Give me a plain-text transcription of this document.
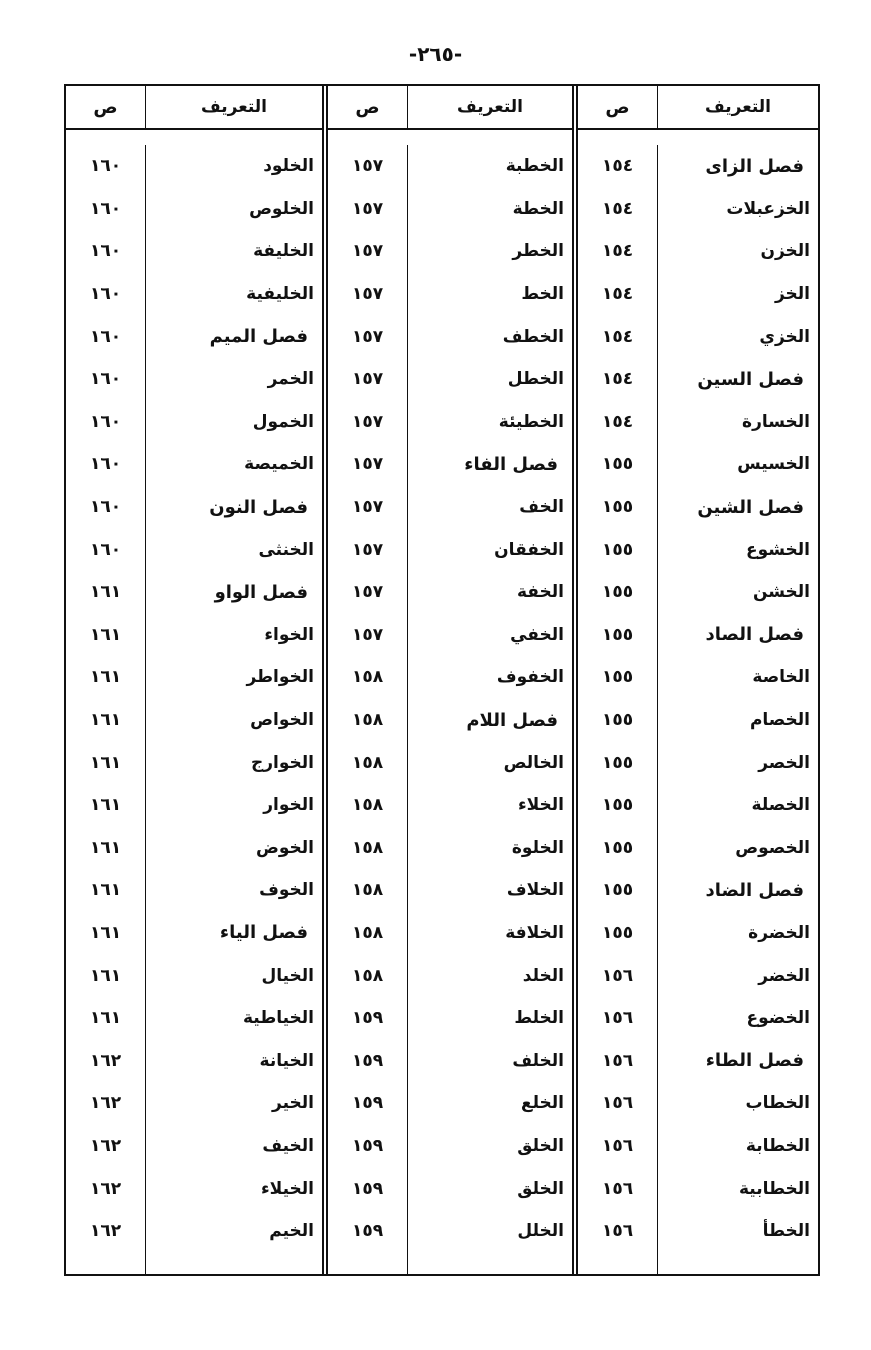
-٢٦٥-
التعريف
ص
فصل الزاى
١٥٤
الخزعبلات
١٥٤
الخزن
١٥٤
الخز
١٥٤
الخزي
١٥٤
فصل السين
١٥٤
الخسارة
١٥٤
الخسيس
١٥٥
فصل الشين
١٥٥
الخشوع
١٥٥
الخشن
١٥٥
فصل الصاد
١٥٥
الخاصة
١٥٥
الخصام
١٥٥
الخصر
١٥٥
الخصلة
١٥٥
الخصوص
١٥٥
فصل الضاد
١٥٥
الخضرة
١٥٥
الخضر
١٥٦
الخضوع
١٥٦
فصل الطاء
١٥٦
الخطاب
١٥٦
الخطابة
١٥٦
الخطابية
١٥٦
الخطأ
١٥٦
التعريف
ص
الخطبة
١٥٧
الخطة
١٥٧
الخطر
١٥٧
الخط
١٥٧
الخطف
١٥٧
الخطل
١٥٧
الخطيئة
١٥٧
فصل الفاء
١٥٧
الخف
١٥٧
الخفقان
١٥٧
الخفة
١٥٧
الخفي
١٥٧
الخفوف
١٥٨
فصل اللام
١٥٨
الخالص
١٥٨
الخلاء
١٥٨
الخلوة
١٥٨
الخلاف
١٥٨
الخلافة
١٥٨
الخلد
١٥٨
الخلط
١٥٩
الخلف
١٥٩
الخلع
١٥٩
الخلق
١٥٩
الخلق
١٥٩
الخلل
١٥٩
التعريف
ص
الخلود
١٦٠
الخلوص
١٦٠
الخليفة
١٦٠
الخليفية
١٦٠
فصل الميم
١٦٠
الخمر
١٦٠
الخمول
١٦٠
الخميصة
١٦٠
فصل النون
١٦٠
الخنثى
١٦٠
فصل الواو
١٦١
الخواء
١٦١
الخواطر
١٦١
الخواص
١٦١
الخوارج
١٦١
الخوار
١٦١
الخوض
١٦١
الخوف
١٦١
فصل الياء
١٦١
الخيال
١٦١
الخياطية
١٦١
الخيانة
١٦٢
الخير
١٦٢
الخيف
١٦٢
الخيلاء
١٦٢
الخيم
١٦٢
